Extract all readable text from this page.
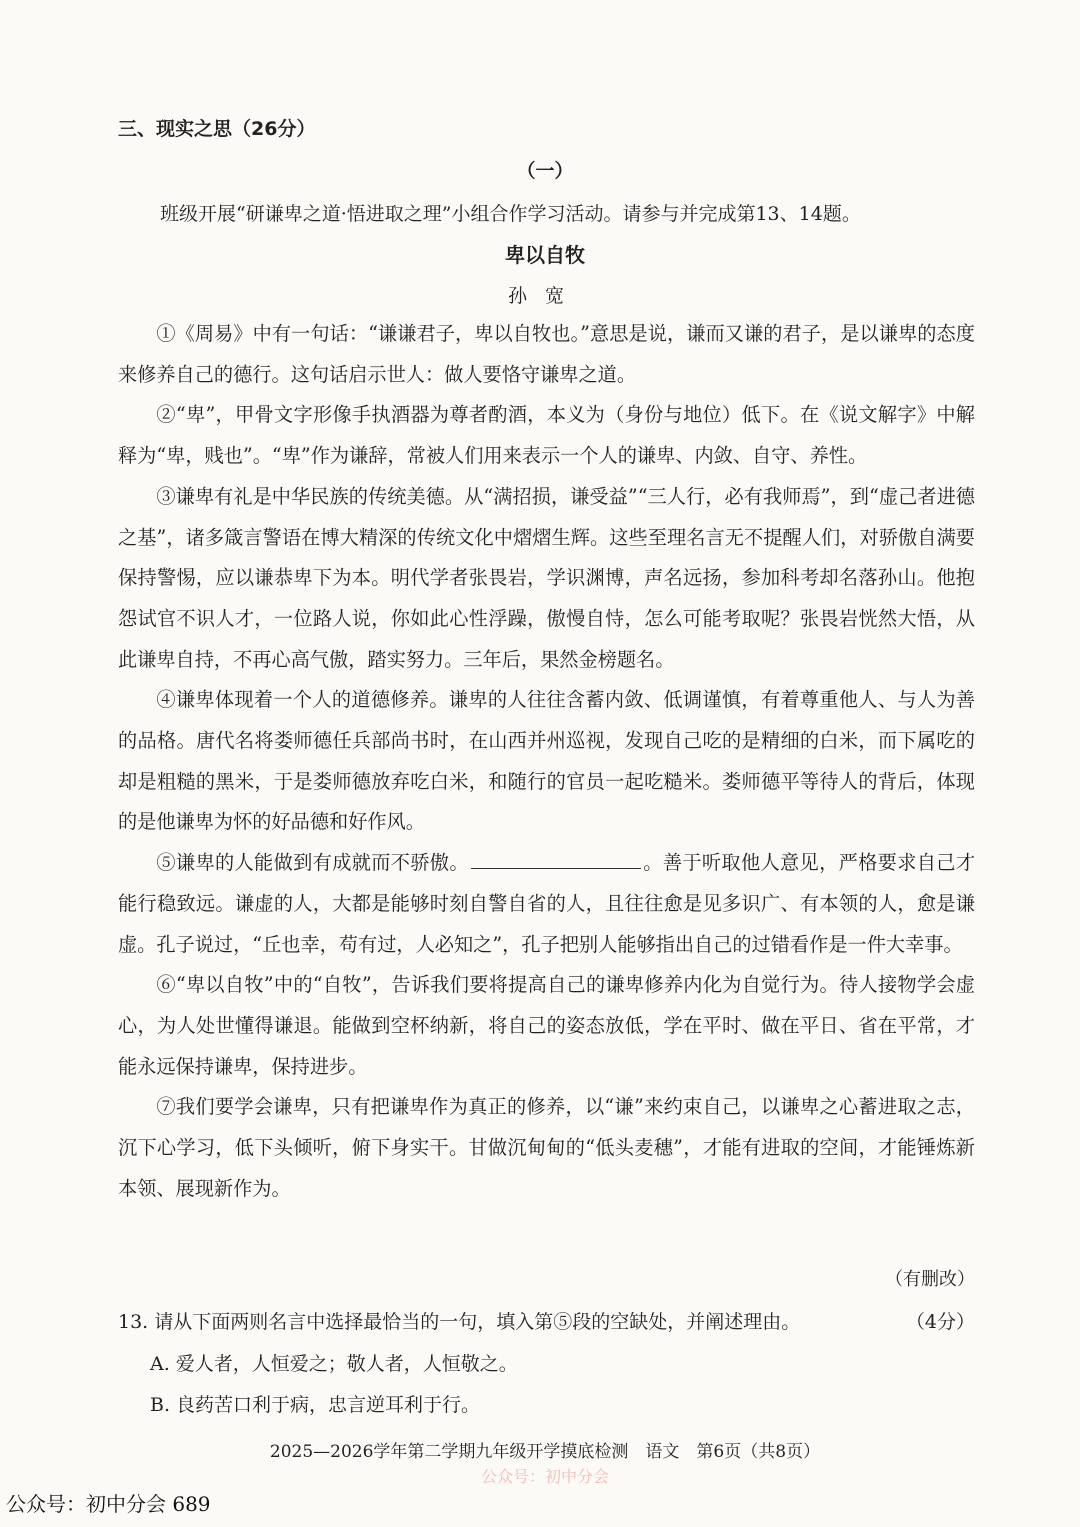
三、现实之思（26分）
（一）
班级开展“研谦卑之道·悟进取之理”小组合作学习活动。请参与并完成第13、14题。
卑以自牧
孙宽

①《周易》中有一句话：“谦谦君子，卑以自牧也。”意思是说，谦而又谦的君子，是以谦卑的态度来修养自己的德行。这句话启示世人：做人要恪守谦卑之道。

②“卑”，甲骨文字形像手执酒器为尊者酌酒，本义为（身份与地位）低下。在《说文解字》中解释为“卑，贱也”。“卑”作为谦辞，常被人们用来表示一个人的谦卑、内敛、自守、养性。

③谦卑有礼是中华民族的传统美德。从“满招损，谦受益”“三人行，必有我师焉”，到“虚己者进德之基”，诸多箴言警语在博大精深的传统文化中熠熠生辉。这些至理名言无不提醒人们，对骄傲自满要保持警惕，应以谦恭卑下为本。明代学者张畏岩，学识渊博，声名远扬，参加科考却名落孙山。他抱怨试官不识人才，一位路人说，你如此心性浮躁，傲慢自恃，怎么可能考取呢？张畏岩恍然大悟，从此谦卑自持，不再心高气傲，踏实努力。三年后，果然金榜题名。

④谦卑体现着一个人的道德修养。谦卑的人往往含蓄内敛、低调谨慎，有着尊重他人、与人为善的品格。唐代名将娄师德任兵部尚书时，在山西并州巡视，发现自己吃的是精细的白米，而下属吃的却是粗糙的黑米，于是娄师德放弃吃白米，和随行的官员一起吃糙米。娄师德平等待人的背后，体现的是他谦卑为怀的好品德和好作风。

⑤谦卑的人能做到有成就而不骄傲。	。善于听取他人意见，严格要求自己才能行稳致远。谦虚的人，大都是能够时刻自警自省的人，且往往愈是见多识广、有本领的人，愈是谦虚。孔子说过，“丘也幸，苟有过，人必知之”，孔子把别人能够指出自己的过错看作是一件大幸事。

⑥“卑以自牧”中的“自牧”，告诉我们要将提高自己的谦卑修养内化为自觉行为。待人接物学会虚心，为人处世懂得谦退。能做到空杯纳新，将自己的姿态放低，学在平时、做在平日、省在平常，才能永远保持谦卑，保持进步。

⑦我们要学会谦卑，只有把谦卑作为真正的修养，以“谦”来约束自己，以谦卑之心蓄进取之志，沉下心学习，低下头倾听，俯下身实干。甘做沉甸甸的“低头麦穗”，才能有进取的空间，才能锤炼新本领、展现新作为。

（有删改）
13. 请从下面两则名言中选择最恰当的一句，填入第⑤段的空缺处，并阐述理由。	（4分）
A. 爱人者，人恒爱之；敬人者，人恒敬之。
B. 良药苦口利于病，忠言逆耳利于行。
2025—2026学年第二学期九年级开学摸底检测　语文　第6页（共8页）
公众号：初中分会
公众号：初中分会 689
